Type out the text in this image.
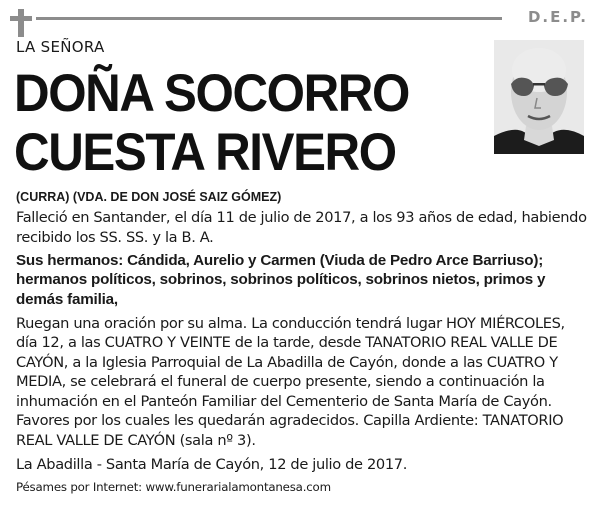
D.E.P.
LA SEÑORA
DOÑA SOCORRO
CUESTA RIVERO
(CURRA) (VDA. DE DON JOSÉ SAIZ GÓMEZ)

Falleció en Santander, el día 11 de julio de 2017, a los 93 años de edad, habiendo recibido los SS. SS. y la B. A.

Sus hermanos: Cándida, Aurelio y Carmen (Viuda de Pedro Arce Barriuso); hermanos políticos, sobrinos, sobrinos políticos, sobrinos nietos, primos y demás familia,

Ruegan una oración por su alma. La conducción tendrá lugar HOY MIÉRCOLES, día 12, a las CUATRO Y VEINTE de la tarde, desde TANATORIO REAL VALLE DE CAYÓN, a la Iglesia Parroquial de La Abadilla de Cayón, donde a las CUATRO Y MEDIA, se celebrará el funeral de cuerpo presente, siendo a continuación la inhumación en el Panteón Familiar del Cementerio de Santa María de Cayón. Favores por los cuales les quedarán agradecidos. Capilla Ardiente: TANATORIO REAL VALLE DE CAYÓN (sala nº 3).

La Abadilla - Santa María de Cayón, 12 de julio de 2017.

Pésames por Internet: www.funerarialamontanesa.com
